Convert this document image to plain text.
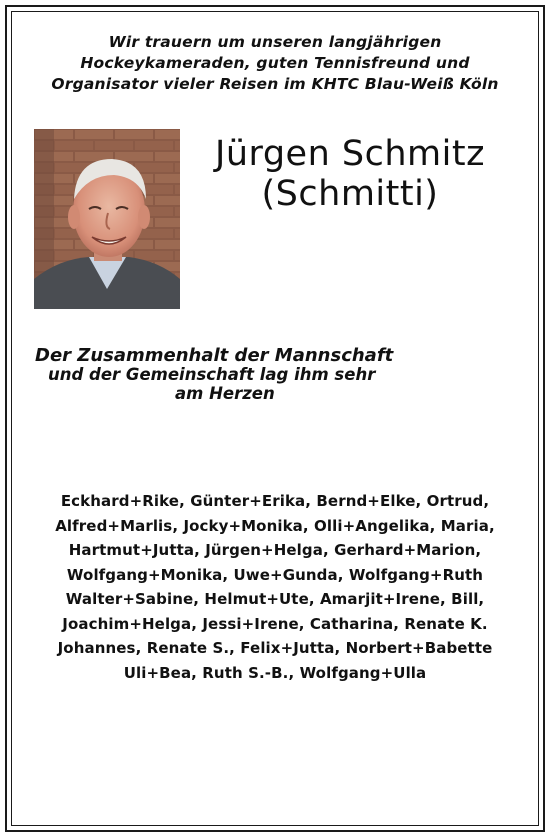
Wir trauern um unseren langjährigen
Hockeykameraden, guten Tennisfreund und
Organisator vieler Reisen im KHTC Blau-Weiß Köln
Jürgen Schmitz
(Schmitti)
Der Zusammenhalt der Mannschaft
und der Gemeinschaft lag ihm sehr
am Herzen
Eckhard+Rike, Günter+Erika, Bernd+Elke, Ortrud,
Alfred+Marlis, Jocky+Monika, Olli+Angelika, Maria,
Hartmut+Jutta, Jürgen+Helga, Gerhard+Marion,
Wolfgang+Monika, Uwe+Gunda, Wolfgang+Ruth
Walter+Sabine, Helmut+Ute, Amarjit+Irene, Bill,
Joachim+Helga, Jessi+Irene, Catharina, Renate K.
Johannes, Renate S., Felix+Jutta, Norbert+Babette
Uli+Bea, Ruth S.-B., Wolfgang+Ulla
